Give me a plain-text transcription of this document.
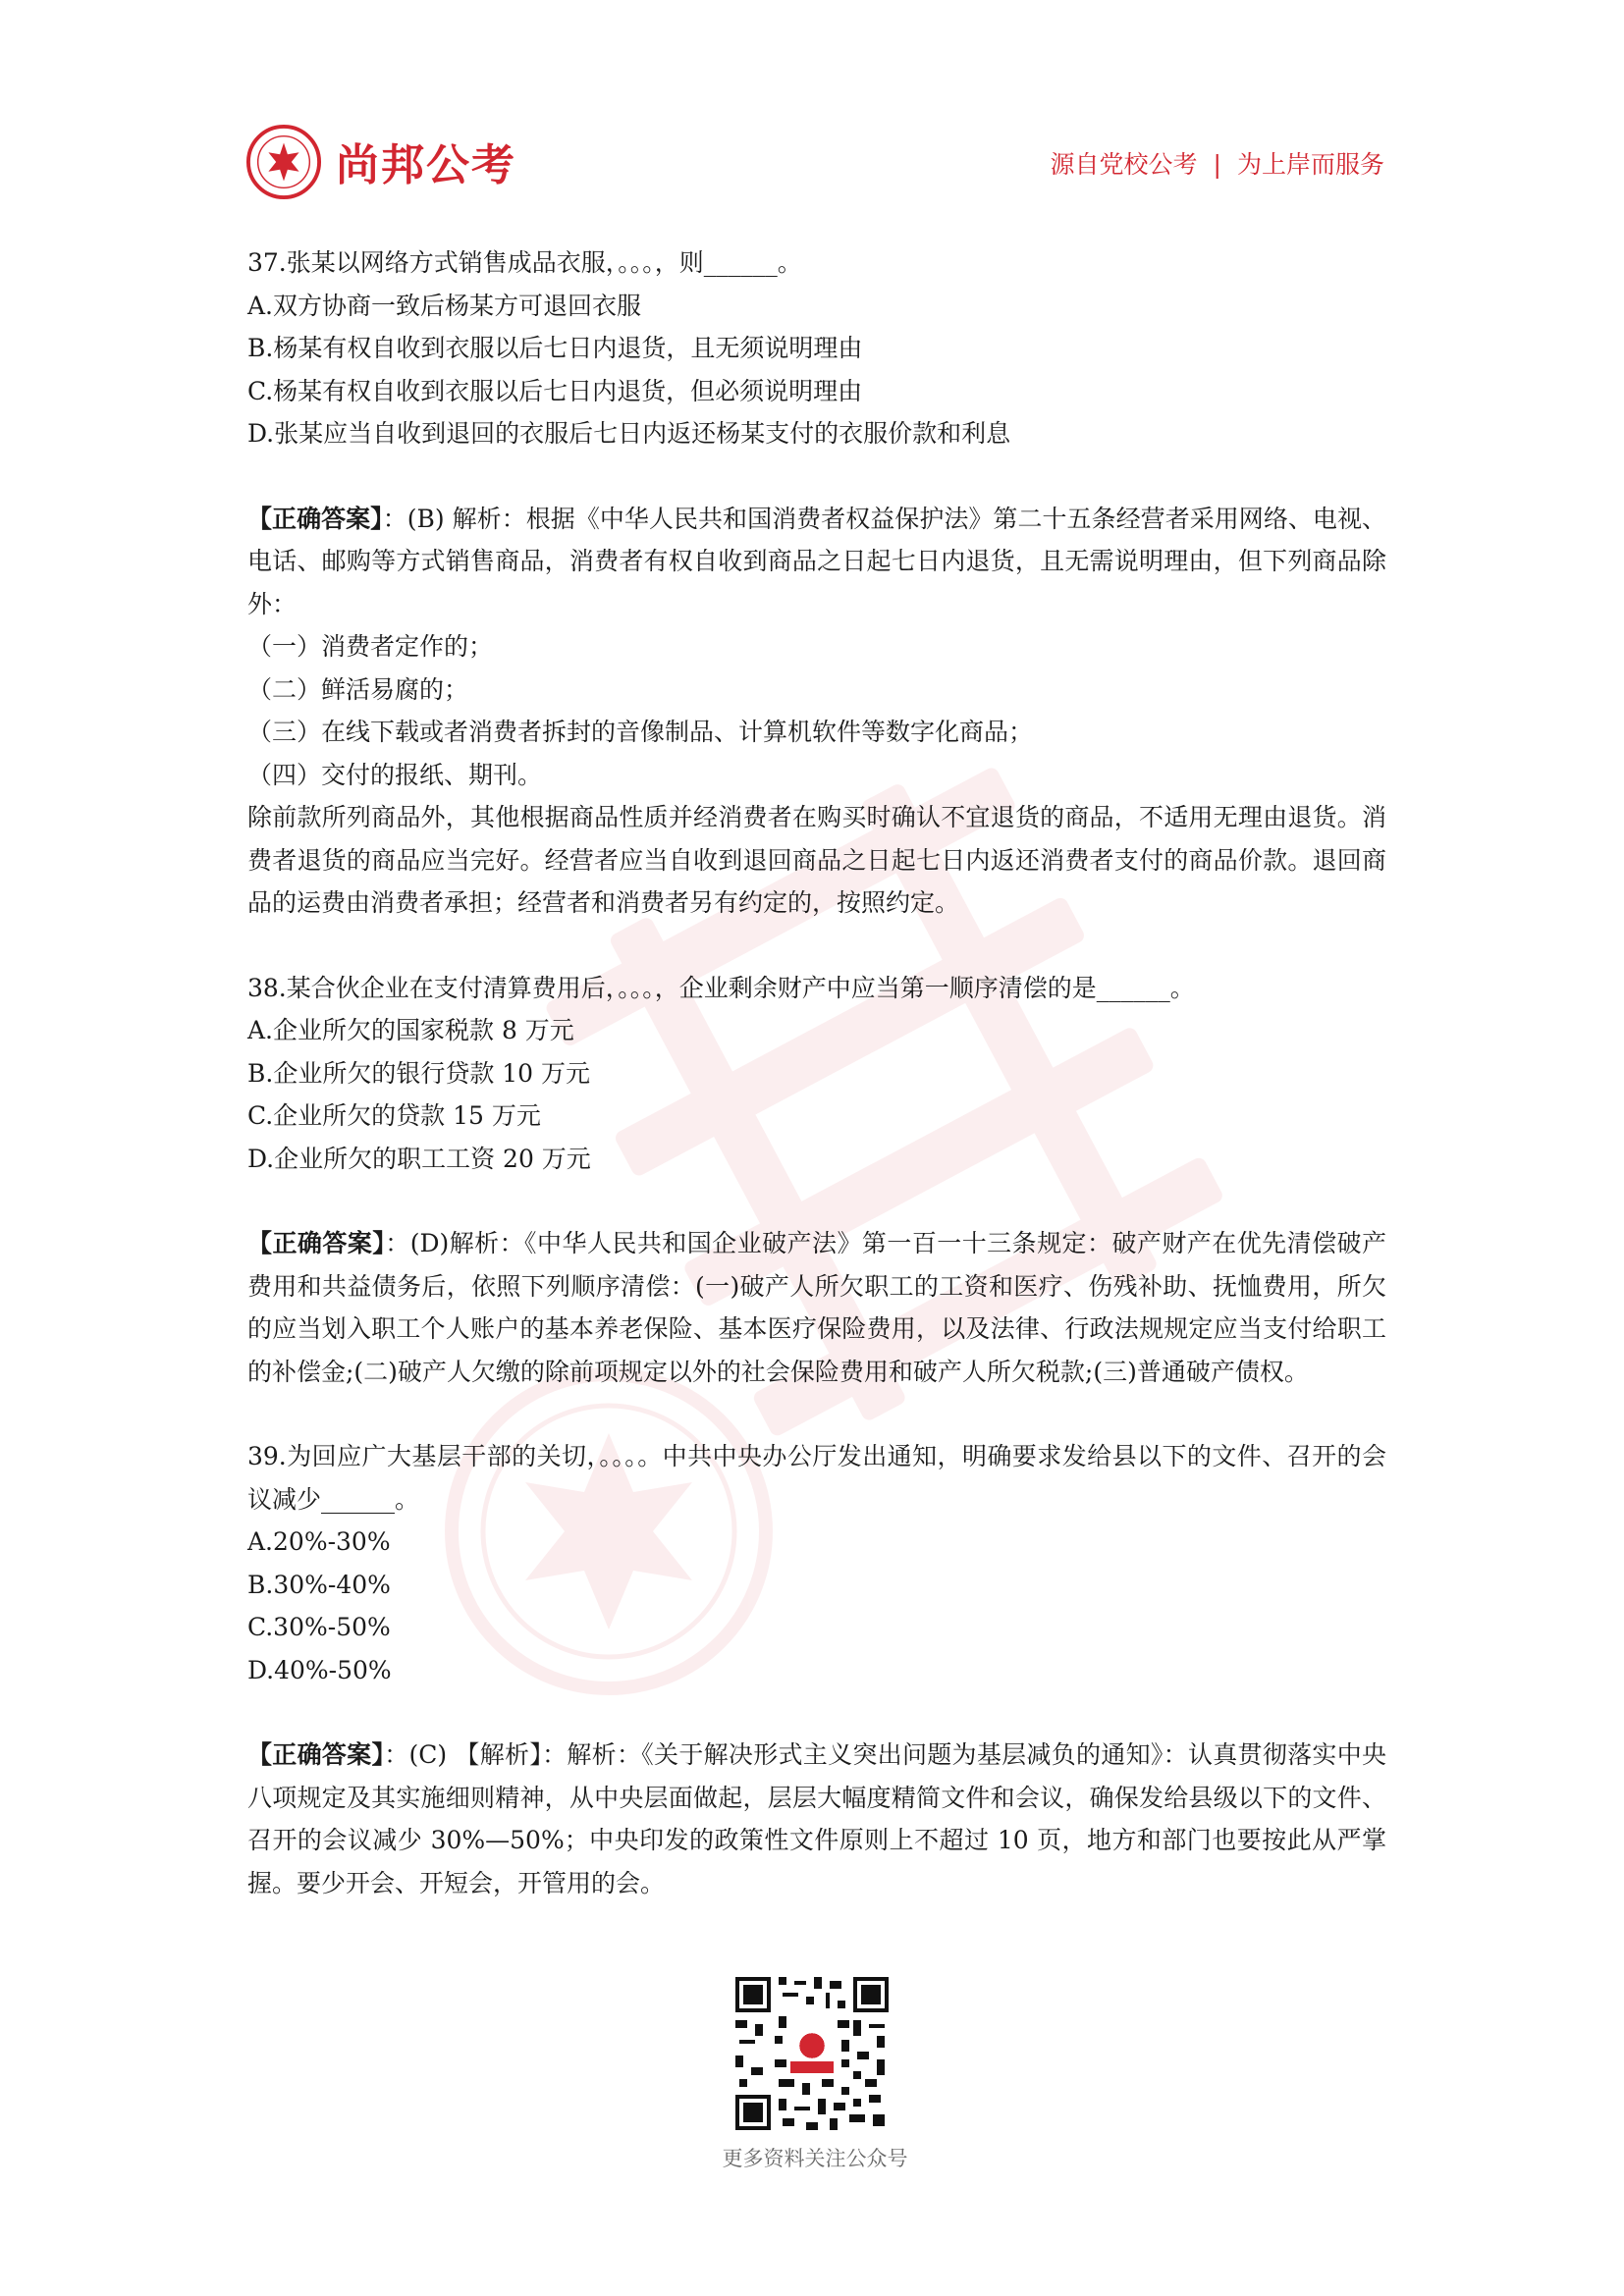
尚邦公考	源自党校公考 | 为上岸而服务

37.张某以网络方式销售成品衣服，。。。，则______。

A.双方协商一致后杨某方可退回衣服

B.杨某有权自收到衣服以后七日内退货，且无须说明理由

C.杨某有权自收到衣服以后七日内退货，但必须说明理由

D.张某应当自收到退回的衣服后七日内返还杨某支付的衣服价款和利息

【正确答案】：(B) 解析：根据《中华人民共和国消费者权益保护法》第二十五条经营者采用网络、电视、电话、邮购等方式销售商品，消费者有权自收到商品之日起七日内退货，且无需说明理由，但下列商品除外：

（一）消费者定作的；

（二）鲜活易腐的；

（三）在线下载或者消费者拆封的音像制品、计算机软件等数字化商品；

（四）交付的报纸、期刊。

除前款所列商品外，其他根据商品性质并经消费者在购买时确认不宜退货的商品，不适用无理由退货。消费者退货的商品应当完好。经营者应当自收到退回商品之日起七日内返还消费者支付的商品价款。退回商品的运费由消费者承担；经营者和消费者另有约定的，按照约定。

38.某合伙企业在支付清算费用后，。。。，企业剩余财产中应当第一顺序清偿的是______。

A.企业所欠的国家税款 8 万元

B.企业所欠的银行贷款 10 万元

C.企业所欠的贷款 15 万元

D.企业所欠的职工工资 20 万元

【正确答案】：(D)解析：《中华人民共和国企业破产法》第一百一十三条规定：破产财产在优先清偿破产费用和共益债务后，依照下列顺序清偿：(一)破产人所欠职工的工资和医疗、伤残补助、抚恤费用，所欠的应当划入职工个人账户的基本养老保险、基本医疗保险费用，以及法律、行政法规规定应当支付给职工的补偿金;(二)破产人欠缴的除前项规定以外的社会保险费用和破产人所欠税款;(三)普通破产债权。

39.为回应广大基层干部的关切，。。。。中共中央办公厅发出通知，明确要求发给县以下的文件、召开的会议减少______。

A.20%-30%

B.30%-40%

C.30%-50%

D.40%-50%

【正确答案】：(C) 【解析】：解析：《关于解决形式主义突出问题为基层减负的通知》：认真贯彻落实中央八项规定及其实施细则精神，从中央层面做起，层层大幅度精简文件和会议，确保发给县级以下的文件、召开的会议减少 30%—50%；中央印发的政策性文件原则上不超过 10 页，地方和部门也要按此从严掌握。要少开会、开短会，开管用的会。

更多资料关注公众号
